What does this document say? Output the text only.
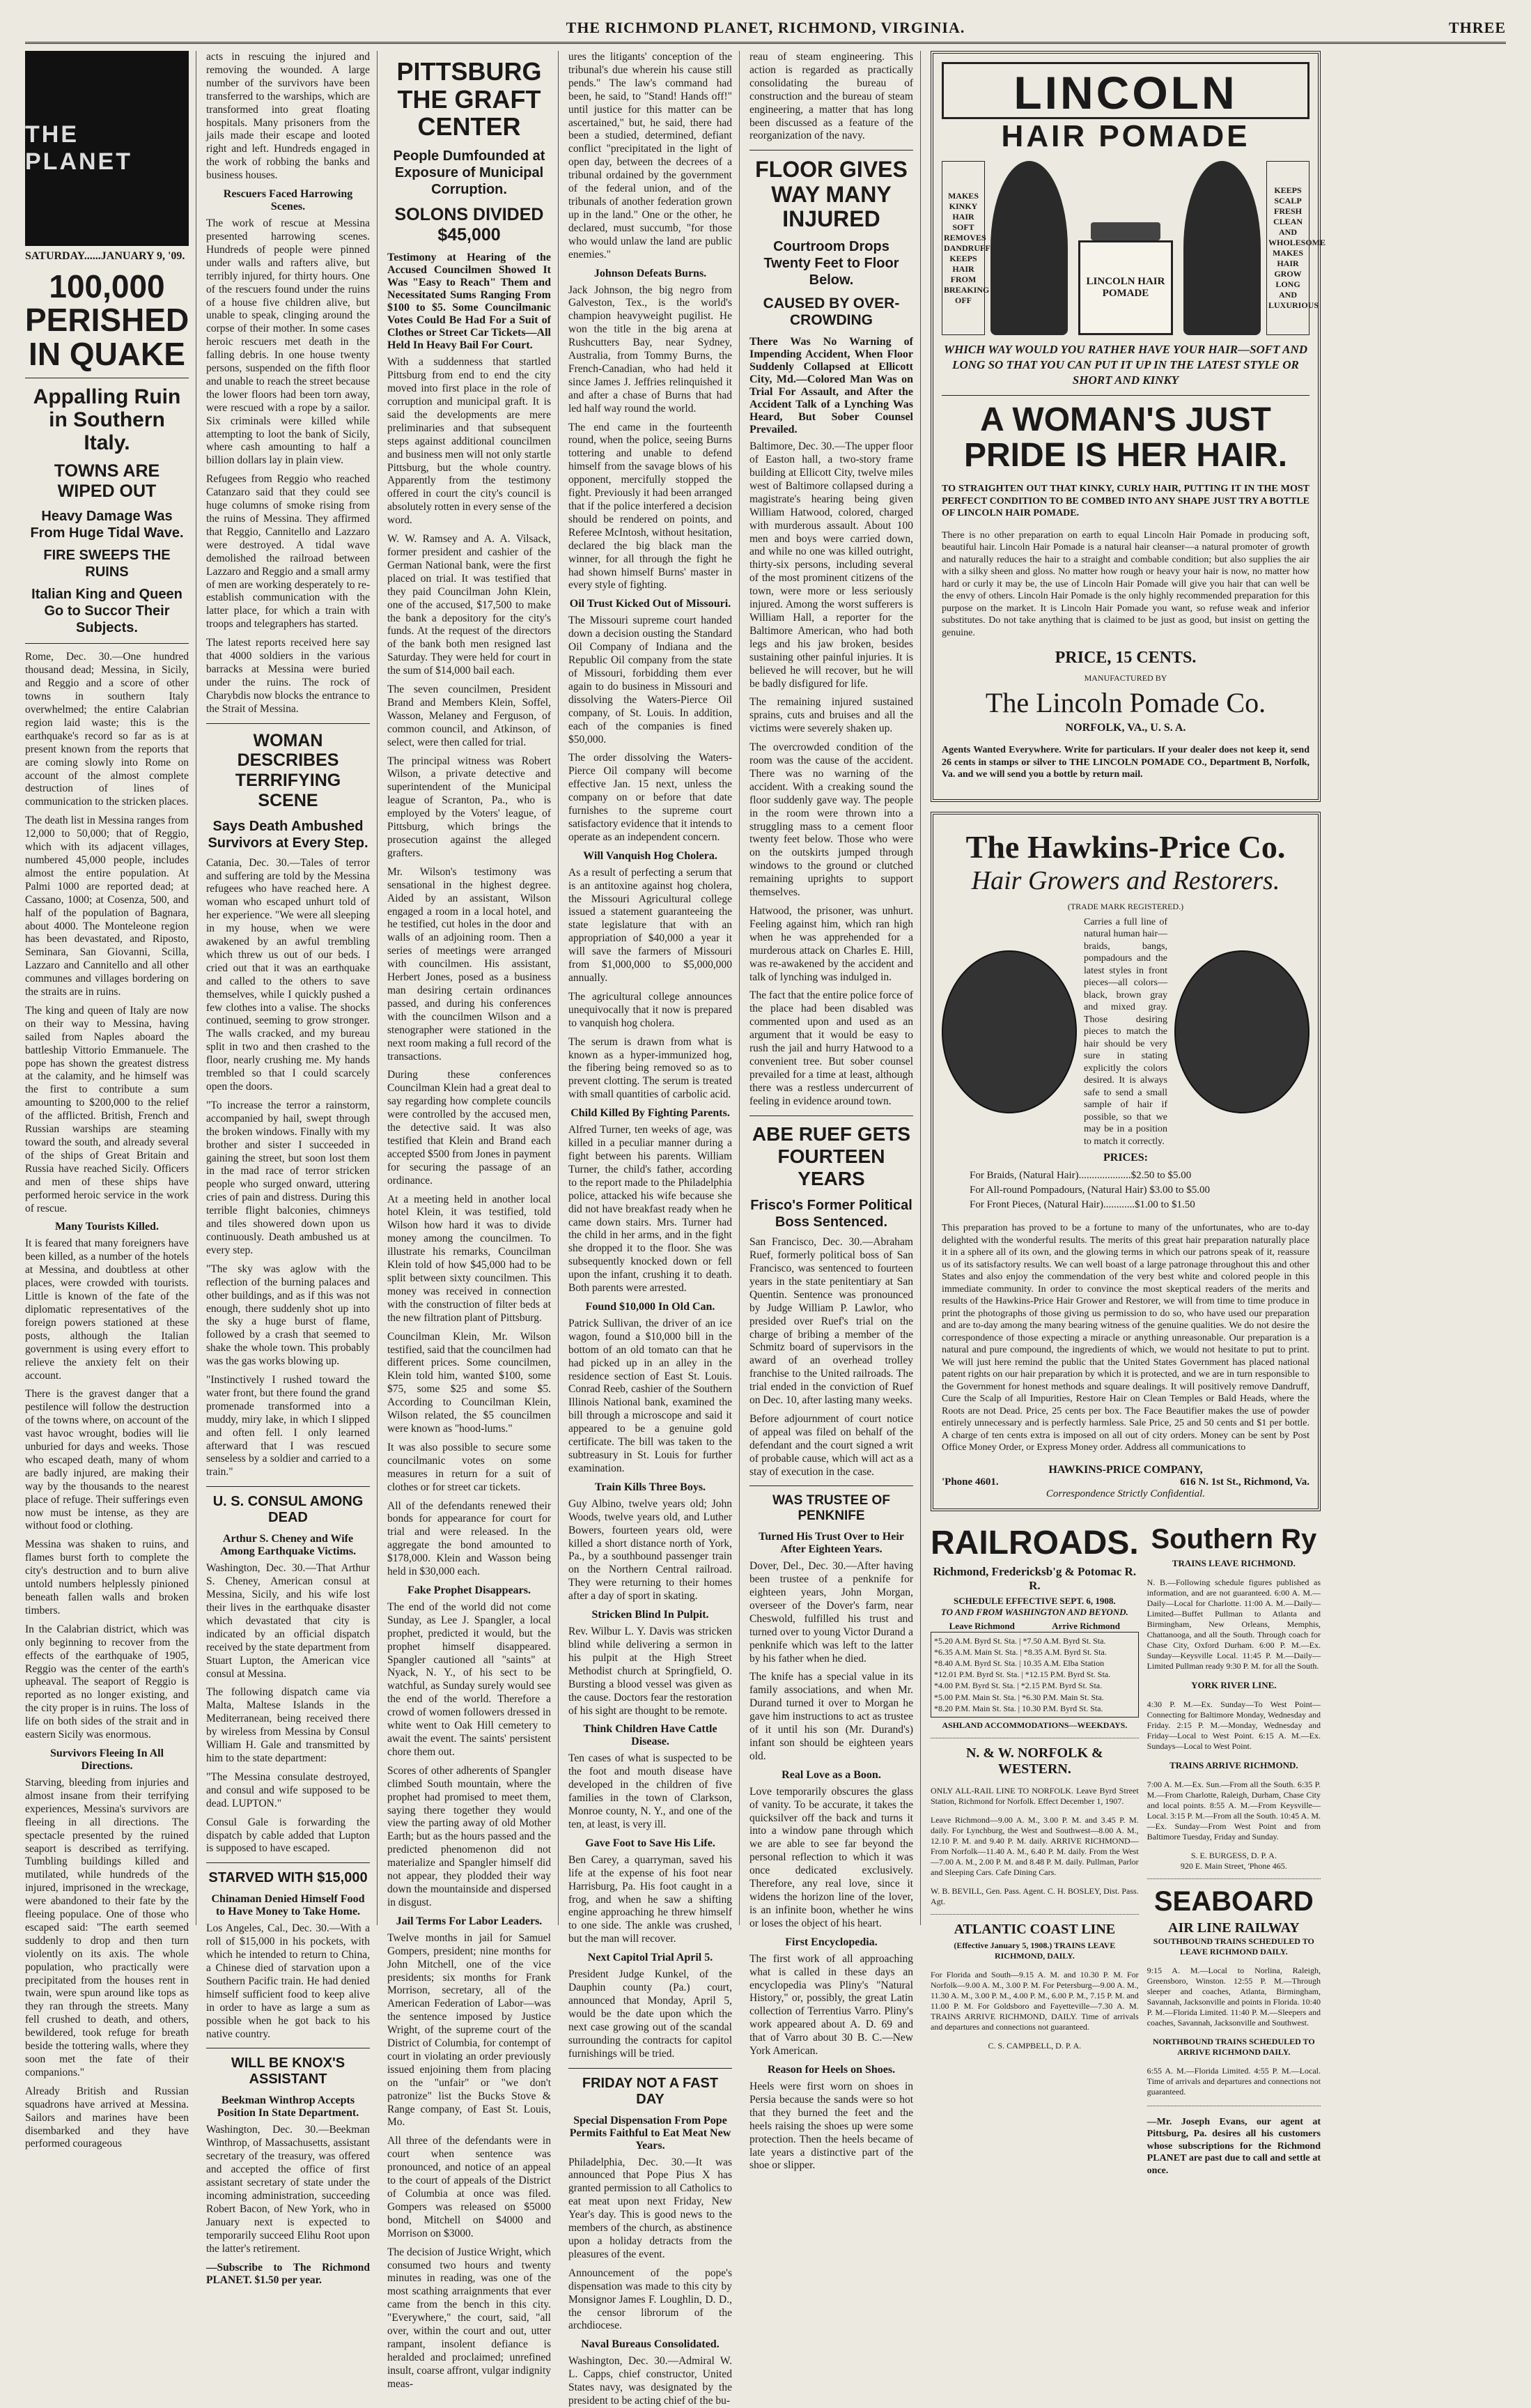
THE RICHMOND PLANET, RICHMOND, VIRGINIA.	THREE
THE PLANET
SATURDAY......JANUARY 9, '09.
100,000 PERISHED IN QUAKE
Appalling Ruin in Southern Italy.
TOWNS ARE WIPED OUT
Heavy Damage Was From Huge Tidal Wave.
FIRE SWEEPS THE RUINS
Italian King and Queen Go to Succor Their Subjects.

Rome, Dec. 30.—One hundred thousand dead; Messina, in Sicily, and Reggio and a score of other towns in southern Italy overwhelmed; the entire Calabrian region laid waste; this is the earthquake's record so far as is at present known from the reports that are coming slowly into Rome on account of the almost complete destruction of lines of communication to the stricken places.

The death list in Messina ranges from 12,000 to 50,000; that of Reggio, which with its adjacent villages, numbered 45,000 people, includes almost the entire population. At Palmi 1000 are reported dead; at Cassano, 1000; at Cosenza, 500, and half of the population of Bagnara, about 4000. The Monteleone region has been devastated, and Riposto, Seminara, San Giovanni, Scilla, Lazzaro and Cannitello and all other communes and villages bordering on the straits are in ruins.

The king and queen of Italy are now on their way to Messina, having sailed from Naples aboard the battleship Vittorio Emmanuele. The pope has shown the greatest distress at the calamity, and he himself was the first to contribute a sum amounting to $200,000 to the relief of the afflicted. British, French and Russian warships are steaming toward the south, and already several of the ships of Great Britain and Russia have reached Sicily. Officers and men of these ships have performed heroic service in the work of rescue.

Many Tourists Killed.

It is feared that many foreigners have been killed, as a number of the hotels at Messina, and doubtless at other places, were crowded with tourists. Little is known of the fate of the diplomatic representatives of the foreign powers stationed at these posts, although the Italian government is using every effort to relieve the anxiety felt on their account.

There is the gravest danger that a pestilence will follow the destruction of the towns where, on account of the vast havoc wrought, bodies will lie unburied for days and weeks. Those who escaped death, many of whom are badly injured, are making their way by the thousands to the nearest place of refuge. Their sufferings even now must be intense, as they are without food or clothing.

Messina was shaken to ruins, and flames burst forth to complete the city's destruction and to burn alive untold numbers helplessly pinioned beneath fallen walls and broken timbers.

In the Calabrian district, which was only beginning to recover from the effects of the earthquake of 1905, Reggio was the center of the earth's upheaval. The seaport of Reggio is reported as no longer existing, and the city proper is in ruins. The loss of life on both sides of the strait and in eastern Sicily was enormous.

Survivors Fleeing In All Directions.

Starving, bleeding from injuries and almost insane from their terrifying experiences, Messina's survivors are fleeing in all directions. The spectacle presented by the ruined seaport is described as terrifying. Tumbling buildings killed and mutilated, while hundreds of the injured, imprisoned in the wreckage, were abandoned to their fate by the fleeing populace. One of those who escaped said: "The earth seemed suddenly to drop and then turn violently on its axis. The whole population, who practically were precipitated from the houses rent in twain, were spun around like tops as they ran through the streets. Many fell crushed to death, and others, bewildered, took refuge for breath beside the tottering walls, where they soon met the fate of their companions."

Already British and Russian squadrons have arrived at Messina. Sailors and marines have been disembarked and they have performed courageous

acts in rescuing the injured and removing the wounded. A large number of the survivors have been transferred to the warships, which are transformed into great floating hospitals. Many prisoners from the jails made their escape and looted right and left. Hundreds engaged in the work of robbing the banks and business houses.

Rescuers Faced Harrowing Scenes.

The work of rescue at Messina presented harrowing scenes. Hundreds of people were pinned under walls and rafters alive, but terribly injured, for thirty hours. One of the rescuers found under the ruins of a house five children alive, but unable to speak, clinging around the corpse of their mother. In some cases heroic rescuers met death in the falling debris. In one house twenty persons, suspended on the fifth floor and unable to reach the street because the lower floors had been torn away, were rescued with a rope by a sailor. Six criminals were killed while attempting to loot the bank of Sicily, where cash amounting to half a billion dollars lay in plain view.

Refugees from Reggio who reached Catanzaro said that they could see huge columns of smoke rising from the ruins of Messina. They affirmed that Reggio, Cannitello and Lazzaro were destroyed. A tidal wave demolished the railroad between Lazzaro and Reggio and a small army of men are working desperately to re-establish communication with the latter place, for which a train with troops and telegraphers has started.

The latest reports received here say that 4000 soldiers in the various barracks at Messina were buried under the ruins. The rock of Charybdis now blocks the entrance to the Strait of Messina.

WOMAN DESCRIBES TERRIFYING SCENE
Says Death Ambushed Survivors at Every Step.

Catania, Dec. 30.—Tales of terror and suffering are told by the Messina refugees who have reached here. A woman who escaped unhurt told of her experience. "We were all sleeping in my house, when we were awakened by an awful trembling which threw us out of our beds. I cried out that it was an earthquake and called to the others to save themselves, while I quickly pushed a few clothes into a valise. The shocks continued, seeming to grow stronger. The walls cracked, and my bureau split in two and then crashed to the floor, nearly crushing me. My hands trembled so that I could scarcely open the doors.

"To increase the terror a rainstorm, accompanied by hail, swept through the broken windows. Finally with my brother and sister I succeeded in gaining the street, but soon lost them in the mad race of terror stricken people who surged onward, uttering cries of pain and distress. During this terrible flight balconies, chimneys and tiles showered down upon us continuously. Death ambushed us at every step.

"The sky was aglow with the reflection of the burning palaces and other buildings, and as if this was not enough, there suddenly shot up into the sky a huge burst of flame, followed by a crash that seemed to shake the whole town. This probably was the gas works blowing up.

"Instinctively I rushed toward the water front, but there found the grand promenade transformed into a muddy, miry lake, in which I slipped and often fell. I only learned afterward that I was rescued senseless by a soldier and carried to a train."

U. S. CONSUL AMONG DEAD
Arthur S. Cheney and Wife Among Earthquake Victims.

Washington, Dec. 30.—That Arthur S. Cheney, American consul at Messina, Sicily, and his wife lost their lives in the earthquake disaster which devastated that city is indicated by an official dispatch received by the state department from Stuart Lupton, the American vice consul at Messina.

The following dispatch came via Malta, Maltese Islands in the Mediterranean, being received there by wireless from Messina by Consul William H. Gale and transmitted by him to the state department:

"The Messina consulate destroyed, and consul and wife supposed to be dead. LUPTON."

Consul Gale is forwarding the dispatch by cable added that Lupton is supposed to have escaped.

STARVED WITH $15,000
Chinaman Denied Himself Food to Have Money to Take Home.

Los Angeles, Cal., Dec. 30.—With a roll of $15,000 in his pockets, with which he intended to return to China, a Chinese died of starvation upon a Southern Pacific train. He had denied himself sufficient food to keep alive in order to have as large a sum as possible when he got back to his native country.

WILL BE KNOX'S ASSISTANT
Beekman Winthrop Accepts Position In State Department.

Washington, Dec. 30.—Beekman Winthrop, of Massachusetts, assistant secretary of the treasury, was offered and accepted the office of first assistant secretary of state under the incoming administration, succeeding Robert Bacon, of New York, who in January next is expected to temporarily succeed Elihu Root upon the latter's retirement.

—Subscribe to The Richmond PLANET. $1.50 per year.

PITTSBURG THE GRAFT CENTER
People Dumfounded at Exposure of Municipal Corruption.
SOLONS DIVIDED $45,000
Testimony at Hearing of the Accused Councilmen Showed It Was "Easy to Reach" Them and Necessitated Sums Ranging From $100 to $5. Some Councilmanic Votes Could Be Had For a Suit of Clothes or Street Car Tickets—All Held In Heavy Bail For Court.

With a suddenness that startled Pittsburg from end to end the city moved into first place in the role of corruption and municipal graft. It is said the developments are mere preliminaries and that subsequent steps against additional councilmen and business men will not only startle Pittsburg, but the whole country. Apparently from the testimony offered in court the city's council is absolutely rotten in every sense of the word.

W. W. Ramsey and A. A. Vilsack, former president and cashier of the German National bank, were the first placed on trial. It was testified that they paid Councilman John Klein, one of the accused, $17,500 to make the bank a depository for the city's funds. At the request of the directors of the bank both men resigned last Saturday. They were held for court in the sum of $14,000 bail each.

The seven councilmen, President Brand and Members Klein, Soffel, Wasson, Melaney and Ferguson, of common council, and Atkinson, of select, were then called for trial.

The principal witness was Robert Wilson, a private detective and superintendent of the Municipal league of Scranton, Pa., who is employed by the Voters' league, of Pittsburg, which brings the prosecution against the alleged grafters.

Mr. Wilson's testimony was sensational in the highest degree. Aided by an assistant, Wilson engaged a room in a local hotel, and he testified, cut holes in the door and walls of an adjoining room. Then a series of meetings were arranged with councilmen. His assistant, Herbert Jones, posed as a business man desiring certain ordinances passed, and during his conferences with the councilmen Wilson and a stenographer were stationed in the next room making a full record of the transactions.

During these conferences Councilman Klein had a great deal to say regarding how complete councils were controlled by the accused men, the detective said. It was also testified that Klein and Brand each accepted $500 from Jones in payment for securing the passage of an ordinance.

At a meeting held in another local hotel Klein, it was testified, told Wilson how hard it was to divide money among the councilmen. To illustrate his remarks, Councilman Klein told of how $45,000 had to be split between sixty councilmen. This money was received in connection with the construction of filter beds at the new filtration plant of Pittsburg.

Councilman Klein, Mr. Wilson testified, said that the councilmen had different prices. Some councilmen, Klein told him, wanted $100, some $75, some $25 and some $5. According to Councilman Klein, Wilson related, the $5 councilmen were known as "hood-lums."

It was also possible to secure some councilmanic votes on some measures in return for a suit of clothes or for street car tickets.

All of the defendants renewed their bonds for appearance for court for trial and were released. In the aggregate the bond amounted to $178,000. Klein and Wasson being held in $30,000 each.

Fake Prophet Disappears.

The end of the world did not come Sunday, as Lee J. Spangler, a local prophet, predicted it would, but the prophet himself disappeared. Spangler cautioned all "saints" at Nyack, N. Y., of his sect to be watchful, as Sunday surely would see the end of the world. Therefore a crowd of women followers dressed in white went to Oak Hill cemetery to await the event. The saints' persistent chore them out.

Scores of other adherents of Spangler climbed South mountain, where the prophet had promised to meet them, saying there together they would view the parting away of old Mother Earth; but as the hours passed and the predicted phenomenon did not materialize and Spangler himself did not appear, they plodded their way down the mountainside and dispersed in disgust.

Jail Terms For Labor Leaders.

Twelve months in jail for Samuel Gompers, president; nine months for John Mitchell, one of the vice presidents; six months for Frank Morrison, secretary, all of the American Federation of Labor—was the sentence imposed by Justice Wright, of the supreme court of the District of Columbia, for contempt of court in violating an order previously issued enjoining them from placing on the "unfair" or "we don't patronize" list the Bucks Stove & Range company, of East St. Louis, Mo.

All three of the defendants were in court when sentence was pronounced, and notice of an appeal to the court of appeals of the District of Columbia at once was filed. Gompers was released on $5000 bond, Mitchell on $4000 and Morrison on $3000.

The decision of Justice Wright, which consumed two hours and twenty minutes in reading, was one of the most scathing arraignments that ever came from the bench in this city. "Everywhere," the court, said, "all over, within the court and out, utter rampant, insolent defiance is heralded and proclaimed; unrefined insult, coarse affront, vulgar indignity meas-

ures the litigants' conception of the tribunal's due wherein his cause still pends." The law's command had been, he said, to "Stand! Hands off!" until justice for this matter can be ascertained," but, he said, there had been a studied, determined, defiant conflict "precipitated in the light of open day, between the decrees of a tribunal ordained by the government of the federal union, and of the tribunals of another federation grown up in the land." One or the other, he declared, must succumb, "for those who would unlaw the land are public enemies."

Johnson Defeats Burns.

Jack Johnson, the big negro from Galveston, Tex., is the world's champion heavyweight pugilist. He won the title in the big arena at Rushcutters Bay, near Sydney, Australia, from Tommy Burns, the French-Canadian, who had held it since James J. Jeffries relinquished it and after a chase of Burns that had led half way round the world.

The end came in the fourteenth round, when the police, seeing Burns tottering and unable to defend himself from the savage blows of his opponent, mercifully stopped the fight. Previously it had been arranged that if the police interfered a decision should be rendered on points, and Referee McIntosh, without hesitation, declared the big black man the winner, for all through the fight he had shown himself Burns' master in every style of fighting.

Oil Trust Kicked Out of Missouri.

The Missouri supreme court handed down a decision ousting the Standard Oil Company of Indiana and the Republic Oil company from the state of Missouri, forbidding them ever again to do business in Missouri and dissolving the Waters-Pierce Oil company, of St. Louis. In addition, each of the companies is fined $50,000.

The order dissolving the Waters-Pierce Oil company will become effective Jan. 15 next, unless the company on or before that date furnishes to the supreme court satisfactory evidence that it intends to operate as an independent concern.

Will Vanquish Hog Cholera.

As a result of perfecting a serum that is an antitoxine against hog cholera, the Missouri Agricultural college issued a statement guaranteeing the state legislature that with an appropriation of $40,000 a year it will save the farmers of Missouri from $1,000,000 to $5,000,000 annually.

The agricultural college announces unequivocally that it now is prepared to vanquish hog cholera.

The serum is drawn from what is known as a hyper-immunized hog, the fibering being removed so as to prevent clotting. The serum is treated with small quantities of carbolic acid.

Child Killed By Fighting Parents.

Alfred Turner, ten weeks of age, was killed in a peculiar manner during a fight between his parents. William Turner, the child's father, according to the report made to the Philadelphia police, attacked his wife because she did not have breakfast ready when he came down stairs. Mrs. Turner had the child in her arms, and in the fight she dropped it to the floor. She was subsequently knocked down or fell upon the infant, crushing it to death. Both parents were arrested.

Found $10,000 In Old Can.

Patrick Sullivan, the driver of an ice wagon, found a $10,000 bill in the bottom of an old tomato can that he had picked up in an alley in the residence section of East St. Louis. Conrad Reeb, cashier of the Southern Illinois National bank, examined the bill through a microscope and said it appeared to be a genuine gold certificate. The bill was taken to the subtreasury in St. Louis for further examination.

Train Kills Three Boys.

Guy Albino, twelve years old; John Woods, twelve years old, and Luther Bowers, fourteen years old, were killed a short distance north of York, Pa., by a southbound passenger train on the Northern Central railroad. They were returning to their homes after a day of sport in skating.

Stricken Blind In Pulpit.

Rev. Wilbur L. Y. Davis was stricken blind while delivering a sermon in his pulpit at the High Street Methodist church at Springfield, O. Bursting a blood vessel was given as the cause. Doctors fear the restoration of his sight are thought to be remote.

Think Children Have Cattle Disease.

Ten cases of what is suspected to be the foot and mouth disease have developed in the children of five families in the town of Clarkson, Monroe county, N. Y., and one of the ten, at least, is very ill.

Gave Foot to Save His Life.

Ben Carey, a quarryman, saved his life at the expense of his foot near Harrisburg, Pa. His foot caught in a frog, and when he saw a shifting engine approaching he threw himself to one side. The ankle was crushed, but the man will recover.

Next Capitol Trial April 5.

President Judge Kunkel, of the Dauphin county (Pa.) court, announced that Monday, April 5, would be the date upon which the next case growing out of the scandal surrounding the contracts for capitol furnishings will be tried.

FRIDAY NOT A FAST DAY
Special Dispensation From Pope Permits Faithful to Eat Meat New Years.

Philadelphia, Dec. 30.—It was announced that Pope Pius X has granted permission to all Catholics to eat meat upon next Friday, New Year's day. This is good news to the members of the church, as abstinence upon a holiday detracts from the pleasures of the event.

Announcement of the pope's dispensation was made to this city by Monsignor James F. Loughlin, D. D., the censor librorum of the archdiocese.

Naval Bureaus Consolidated.

Washington, Dec. 30.—Admiral W. L. Capps, chief constructor, United States navy, was designated by the president to be acting chief of the bu-

reau of steam engineering. This action is regarded as practically consolidating the bureau of construction and the bureau of steam engineering, a matter that has long been discussed as a feature of the reorganization of the navy.

FLOOR GIVES WAY MANY INJURED
Courtroom Drops Twenty Feet to Floor Below.
CAUSED BY OVER-CROWDING
There Was No Warning of Impending Accident, When Floor Suddenly Collapsed at Ellicott City, Md.—Colored Man Was on Trial For Assault, and After the Accident Talk of a Lynching Was Heard, But Sober Counsel Prevailed.

Baltimore, Dec. 30.—The upper floor of Easton hall, a two-story frame building at Ellicott City, twelve miles west of Baltimore collapsed during a magistrate's hearing being given William Hatwood, colored, charged with murderous assault. About 100 men and boys were carried down, and while no one was killed outright, thirty-six persons, including several of the most prominent citizens of the town, were more or less seriously injured. Among the worst sufferers is William Hall, a reporter for the Baltimore American, who had both legs and his jaw broken, besides sustaining other painful injuries. It is believed he will recover, but he will be badly disfigured for life.

The remaining injured sustained sprains, cuts and bruises and all the victims were severely shaken up.

The overcrowded condition of the room was the cause of the accident. There was no warning of the accident. With a creaking sound the floor suddenly gave way. The people in the room were thrown into a struggling mass to a cement floor twenty feet below. Those who were on the outskirts jumped through windows to the ground or clutched remaining uprights to support themselves.

Hatwood, the prisoner, was unhurt. Feeling against him, which ran high when he was apprehended for a murderous attack on Charles E. Hill, was re-awakened by the accident and talk of lynching was indulged in.

The fact that the entire police force of the place had been disabled was commented upon and used as an argument that it would be easy to rush the jail and hurry Hatwood to a convenient tree. But sober counsel prevailed for a time at least, although there was a restless undercurrent of feeling in evidence around town.

ABE RUEF GETS FOURTEEN YEARS
Frisco's Former Political Boss Sentenced.

San Francisco, Dec. 30.—Abraham Ruef, formerly political boss of San Francisco, was sentenced to fourteen years in the state penitentiary at San Quentin. Sentence was pronounced by Judge William P. Lawlor, who presided over Ruef's trial on the charge of bribing a member of the Schmitz board of supervisors in the award of an overhead trolley franchise to the United railroads. The trial ended in the conviction of Ruef on Dec. 10, after lasting many weeks.

Before adjournment of court notice of appeal was filed on behalf of the defendant and the court signed a writ of probable cause, which will act as a stay of execution in the case.

WAS TRUSTEE OF PENKNIFE
Turned His Trust Over to Heir After Eighteen Years.

Dover, Del., Dec. 30.—After having been trustee of a penknife for eighteen years, John Morgan, overseer of the Dover's farm, near Cheswold, fulfilled his trust and turned over to young Victor Durand a penknife which was left to the latter by his father when he died.

The knife has a special value in its family associations, and when Mr. Durand turned it over to Morgan he gave him instructions to act as trustee of it until his son (Mr. Durand's) infant son should be eighteen years old.

Real Love as a Boon.

Love temporarily obscures the glass of vanity. To be accurate, it takes the quicksilver off the back and turns it into a window pane through which we are able to see far beyond the personal reflection to which it was once dedicated exclusively. Therefore, any real love, since it widens the horizon line of the lover, is an infinite boon, whether he wins or loses the object of his heart.

First Encyclopedia.

The first work of all approaching what is called in these days an encyclopedia was Pliny's "Natural History," or, possibly, the great Latin collection of Terrentius Varro. Pliny's work appeared about A. D. 69 and that of Varro about 30 B. C.—New York American.

Reason for Heels on Shoes.

Heels were first worn on shoes in Persia because the sands were so hot that they burned the feet and the heels raising the shoes up were some protection. Then the heels became of late years a distinctive part of the shoe or slipper.

LINCOLN
HAIR POMADE
MAKES KINKY HAIR SOFT REMOVES DANDRUFF KEEPS HAIR FROM BREAKING OFF
LINCOLN HAIR POMADE
KEEPS SCALP FRESH CLEAN AND WHOLESOME MAKES HAIR GROW LONG AND LUXURIOUS
WHICH WAY WOULD YOU RATHER HAVE YOUR HAIR—SOFT AND LONG SO THAT YOU CAN PUT IT UP IN THE LATEST STYLE OR SHORT AND KINKY
A WOMAN'S JUST PRIDE IS HER HAIR.

TO STRAIGHTEN OUT THAT KINKY, CURLY HAIR, PUTTING IT IN THE MOST PERFECT CONDITION TO BE COMBED INTO ANY SHAPE JUST TRY A BOTTLE OF LINCOLN HAIR POMADE.

There is no other preparation on earth to equal Lincoln Hair Pomade in producing soft, beautiful hair. Lincoln Hair Pomade is a natural hair cleanser—a natural promoter of growth and naturally reduces the hair to a straight and combable condition; but also supplies the air with a silky sheen and gloss. No matter how rough or heavy your hair is now, no matter how hard or curly it may be, the use of Lincoln Hair Pomade will give you hair that can well be the envy of others. Lincoln Hair Pomade is the only highly recommended preparation for this purpose on the market. It is Lincoln Hair Pomade you want, so refuse weak and inferior substitutes. Do not take anything that is claimed to be just as good, but insist on getting the genuine.

PRICE, 15 CENTS.
MANUFACTURED BY
The Lincoln Pomade Co.
NORFOLK, VA., U. S. A.

Agents Wanted Everywhere. Write for particulars. If your dealer does not keep it, send 26 cents in stamps or silver to THE LINCOLN POMADE CO., Department B, Norfolk, Va. and we will send you a bottle by return mail.

The Hawkins-Price Co.
Hair Growers and Restorers.
(TRADE MARK REGISTERED.)

Carries a full line of natural human hair—braids, bangs, pompadours and the latest styles in front pieces—all colors—black, brown gray and mixed gray. Those desiring pieces to match the hair should be very sure in stating explicitly the colors desired. It is always safe to send a small sample of hair if possible, so that we may be in a position to match it correctly.

PRICES:
For Braids, (Natural Hair)....................$2.50 to $5.00
For All-round Pompadours, (Natural Hair) $3.00 to $5.00
For Front Pieces, (Natural Hair)............$1.00 to $1.50

This preparation has proved to be a fortune to many of the unfortunates, who are to-day delighted with the wonderful results. The merits of this great hair preparation naturally place it in a sphere all of its own, and the glowing terms in which our patrons speak of it, reassure us of its satisfactory results. We can well boast of a large patronage throughout this and other States and also enjoy the commendation of the very best white and colored people in this immediate community. In order to convince the most skeptical readers of the merits and results of the Hawkins-Price Hair Grower and Restorer, we will from time to time produce in print the photographs of those giving us permission to do so, who have used our preparation and are to-day among the many bearing witness of the genuine qualities. We do not desire the correspondence of those expecting a miracle or anything unreasonable. Our preparation is a natural and pure compound, the ingredients of which, we would not hesitate to put to print. We will just here remind the public that the United States Government has placed national patent rights on our hair preparation by which it is protected, and we are in turn responsible to the Government for honest methods and square dealings. It will positively remove Dandruff, Cure the Scalp of all Impurities, Restore Hair on Clean Temples or Bald Heads, where the Roots are not Dead. Price, 25 cents per box. The Face Beautifier makes the use of powder entirely unnecessary and is perfectly harmless. Sale Price, 25 and 50 cents and $1 per bottle. A charge of ten cents extra is imposed on all out of city orders. Money can be sent by Post Office Money Order, or Express Money order. Address all communications to

HAWKINS-PRICE COMPANY,
'Phone 4601.	616 N. 1st St., Richmond, Va.
Correspondence Strictly Confidential.
RAILROADS.
Richmond, Fredericksb'g & Potomac R. R.
SCHEDULE EFFECTIVE SEPT. 6, 1908.
TO AND FROM WASHINGTON AND BEYOND.
Leave Richmond	Arrive Richmond
*5.20 A.M. Byrd St. Sta. | *7.50 A.M. Byrd St. Sta.
*6.35 A.M. Main St. Sta. | *8.35 A.M. Byrd St. Sta.
*8.40 A.M. Byrd St. Sta. | 10.35 A.M. Elba Station
*12.01 P.M. Byrd St. Sta. | *12.15 P.M. Byrd St. Sta.
*4.00 P.M. Byrd St. Sta. | *2.15 P.M. Byrd St. Sta.
*5.00 P.M. Main St. Sta. | *6.30 P.M. Main St. Sta.
*8.20 P.M. Main St. Sta. | 10.30 P.M. Byrd St. Sta.
ASHLAND ACCOMMODATIONS—WEEKDAYS.
N. & W. NORFOLK & WESTERN.

ONLY ALL-RAIL LINE TO NORFOLK. Leave Byrd Street Station, Richmond for Norfolk. Effect December 1, 1907.

Leave Richmond—9.00 A. M., 3.00 P. M. and 3.45 P. M. daily. For Lynchburg, the West and Southwest—8.00 A. M., 12.10 P. M. and 9.40 P. M. daily. ARRIVE RICHMOND—From Norfolk—11.40 A. M., 6.40 P. M. daily. From the West—7.00 A. M., 2.00 P. M. and 8.48 P. M. daily. Pullman, Parlor and Sleeping Cars. Cafe Dining Cars.

W. B. BEVILL, Gen. Pass. Agent. C. H. BOSLEY, Dist. Pass. Agt.
ATLANTIC COAST LINE
(Effective January 5, 1908.) TRAINS LEAVE RICHMOND, DAILY.

For Florida and South—9.15 A. M. and 10.30 P. M. For Norfolk—9.00 A. M., 3.00 P. M. For Petersburg—9.00 A. M., 11.30 A. M., 3.00 P. M., 4.00 P. M., 6.00 P. M., 7.15 P. M. and 11.00 P. M. For Goldsboro and Fayetteville—7.30 A. M. TRAINS ARRIVE RICHMOND, DAILY. Time of arrivals and departures and connections not guaranteed.

C. S. CAMPBELL, D. P. A.
Southern Ry
TRAINS LEAVE RICHMOND.

N. B.—Following schedule figures published as information, and are not guaranteed. 6:00 A. M.—Daily—Local for Charlotte. 11:00 A. M.—Daily—Limited—Buffet Pullman to Atlanta and Birmingham, New Orleans, Memphis, Chattanooga, and all the South. Through coach for Chase City, Oxford Durham. 6:00 P. M.—Ex. Sunday—Keysville Local. 11:45 P. M.—Daily—Limited Pullman ready 9:30 P. M. for all the South.

YORK RIVER LINE.

4:30 P. M.—Ex. Sunday—To West Point—Connecting for Baltimore Monday, Wednesday and Friday. 2:15 P. M.—Monday, Wednesday and Friday—Local to West Point. 6:15 A. M.—Ex. Sundays—Local to West Point.

TRAINS ARRIVE RICHMOND.

7:00 A. M.—Ex. Sun.—From all the South. 6:35 P. M.—From Charlotte, Raleigh, Durham, Chase City and local points. 8:55 A. M.—From Keysville—Local. 3:15 P. M.—From all the South. 10:45 A. M.—Ex. Sunday—From West Point and from Baltimore Tuesday, Friday and Sunday.

S. E. BURGESS, D. P. A.
920 E. Main Street, 'Phone 465.
SEABOARD
AIR LINE RAILWAY
SOUTHBOUND TRAINS SCHEDULED TO LEAVE RICHMOND DAILY.

9:15 A. M.—Local to Norlina, Raleigh, Greensboro, Winston. 12:55 P. M.—Through sleeper and coaches, Atlanta, Birmingham, Savannah, Jacksonville and points in Florida. 10:40 P. M.—Florida Limited. 11:40 P. M.—Sleepers and coaches, Savannah, Jacksonville and Southwest.

NORTHBOUND TRAINS SCHEDULED TO ARRIVE RICHMOND DAILY.

6:55 A. M.—Florida Limited. 4:55 P. M.—Local. Time of arrivals and departures and connections not guaranteed.

—Mr. Joseph Evans, our agent at Pittsburg, Pa. desires all his customers whose subscriptions for the Richmond PLANET are past due to call and settle at once.
